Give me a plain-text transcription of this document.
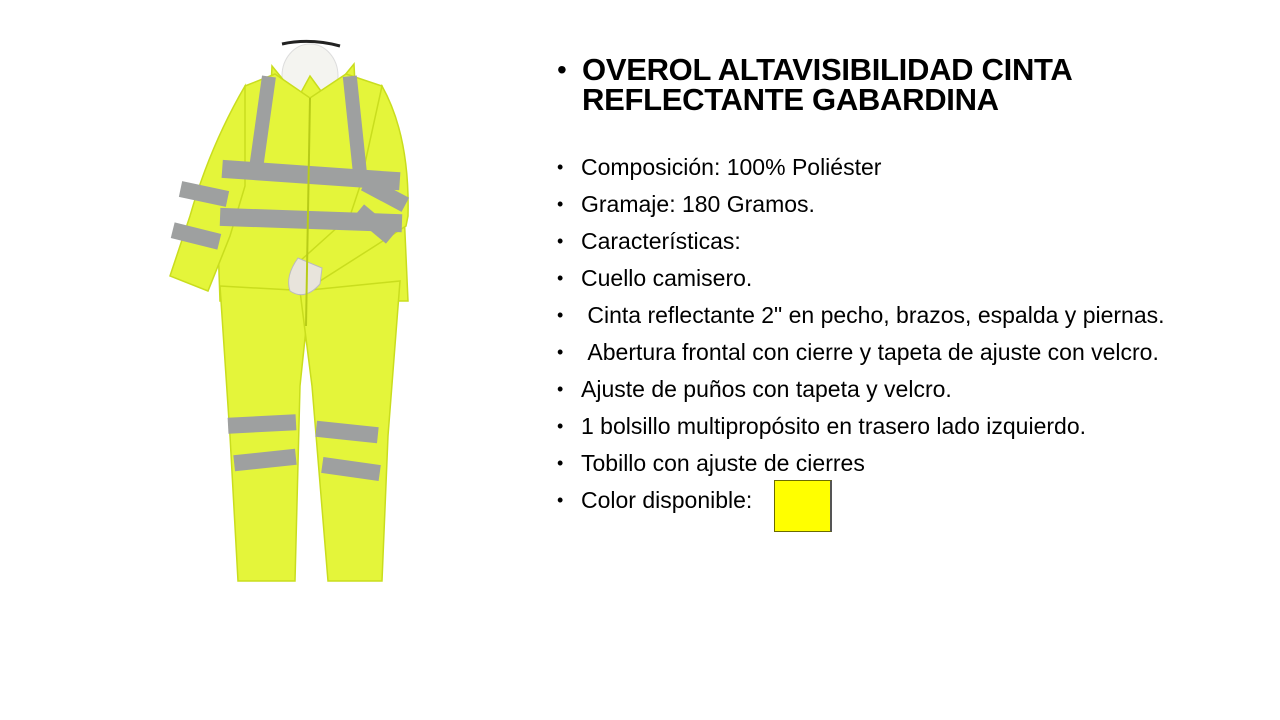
• OVEROL ALTAVISIBILIDAD CINTA REFLECTANTE GABARDINA
• Composición: 100% Poliéster
• Gramaje: 180 Gramos.
• Características:
• Cuello camisero.
• Cinta reflectante 2" en pecho, brazos, espalda y piernas.
• Abertura frontal con cierre y tapeta de ajuste con velcro.
• Ajuste de puños con tapeta y velcro.
• 1 bolsillo multipropósito en trasero lado izquierdo.
• Tobillo con ajuste de cierres
• Color disponible:
